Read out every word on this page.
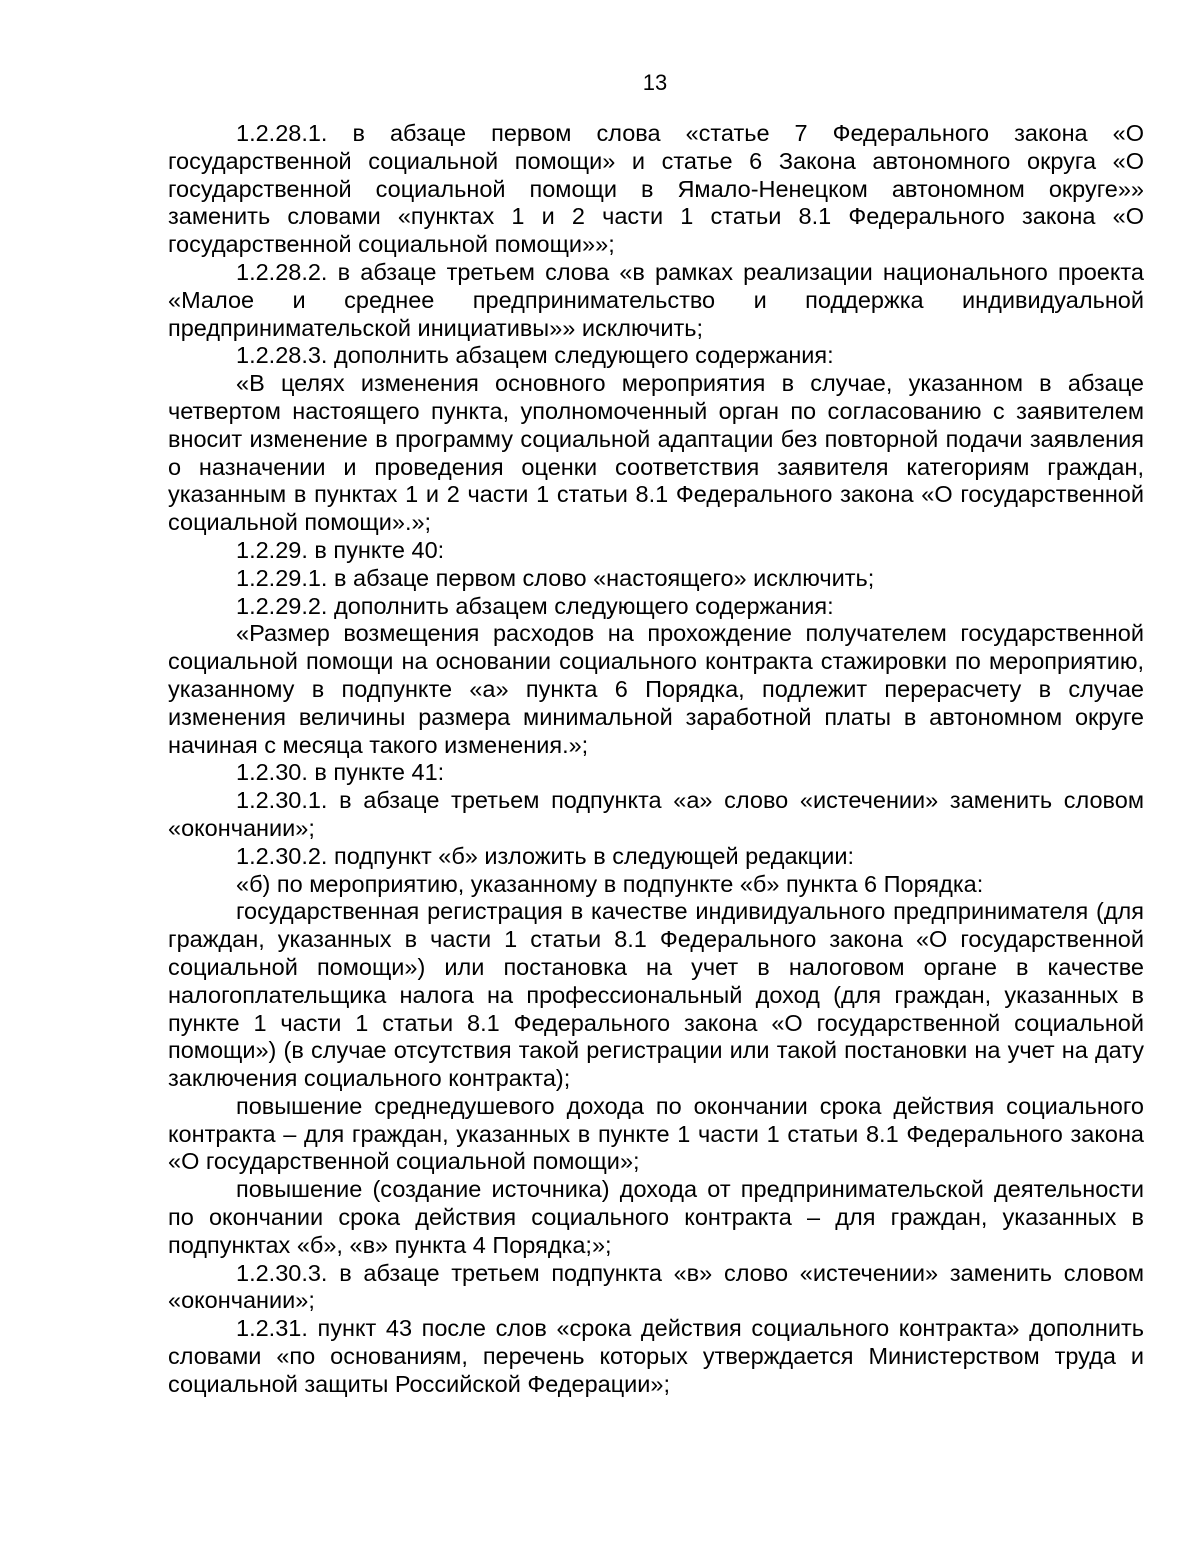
13

1.2.28.1. в абзаце первом слова «статье 7 Федерального закона «О государственной социальной помощи» и статье 6 Закона автономного округа «О государственной социальной помощи в Ямало-Ненецком автономном округе»» заменить словами «пунктах 1 и 2 части 1 статьи 8.1 Федерального закона «О государственной социальной помощи»»;

1.2.28.2. в абзаце третьем слова «в рамках реализации национального проекта «Малое и среднее предпринимательство и поддержка индивидуальной предпринимательской инициативы»» исключить;

1.2.28.3. дополнить абзацем следующего содержания:

«В целях изменения основного мероприятия в случае, указанном в абзаце четвертом настоящего пункта, уполномоченный орган по согласованию с заявителем вносит изменение в программу социальной адаптации без повторной подачи заявления о назначении и проведения оценки соответствия заявителя категориям граждан, указанным в пунктах 1 и 2 части 1 статьи 8.1 Федерального закона «О государственной социальной помощи».»;

1.2.29. в пункте 40:

1.2.29.1. в абзаце первом слово «настоящего» исключить;

1.2.29.2. дополнить абзацем следующего содержания:

«Размер возмещения расходов на прохождение получателем государственной социальной помощи на основании социального контракта стажировки по мероприятию, указанному в подпункте «а» пункта 6 Порядка, подлежит перерасчету в случае изменения величины размера минимальной заработной платы в автономном округе начиная с месяца такого изменения.»;

1.2.30. в пункте 41:

1.2.30.1. в абзаце третьем подпункта «а» слово «истечении» заменить словом «окончании»;

1.2.30.2. подпункт «б» изложить в следующей редакции:

«б) по мероприятию, указанному в подпункте «б» пункта 6 Порядка:

государственная регистрация в качестве индивидуального предпринимателя (для граждан, указанных в части 1 статьи 8.1 Федерального закона «О государственной социальной помощи») или постановка на учет в налоговом органе в качестве налогоплательщика налога на профессиональный доход (для граждан, указанных в пункте 1 части 1 статьи 8.1 Федерального закона «О государственной социальной помощи») (в случае отсутствия такой регистрации или такой постановки на учет на дату заключения социального контракта);

повышение среднедушевого дохода по окончании срока действия социального контракта – для граждан, указанных в пункте 1 части 1 статьи 8.1 Федерального закона «О государственной социальной помощи»;

повышение (создание источника) дохода от предпринимательской деятельности по окончании срока действия социального контракта – для граждан, указанных в подпунктах «б», «в» пункта 4 Порядка;»;

1.2.30.3. в абзаце третьем подпункта «в» слово «истечении» заменить словом «окончании»;

1.2.31. пункт 43 после слов «срока действия социального контракта» дополнить словами «по основаниям, перечень которых утверждается Министерством труда и социальной защиты Российской Федерации»;
